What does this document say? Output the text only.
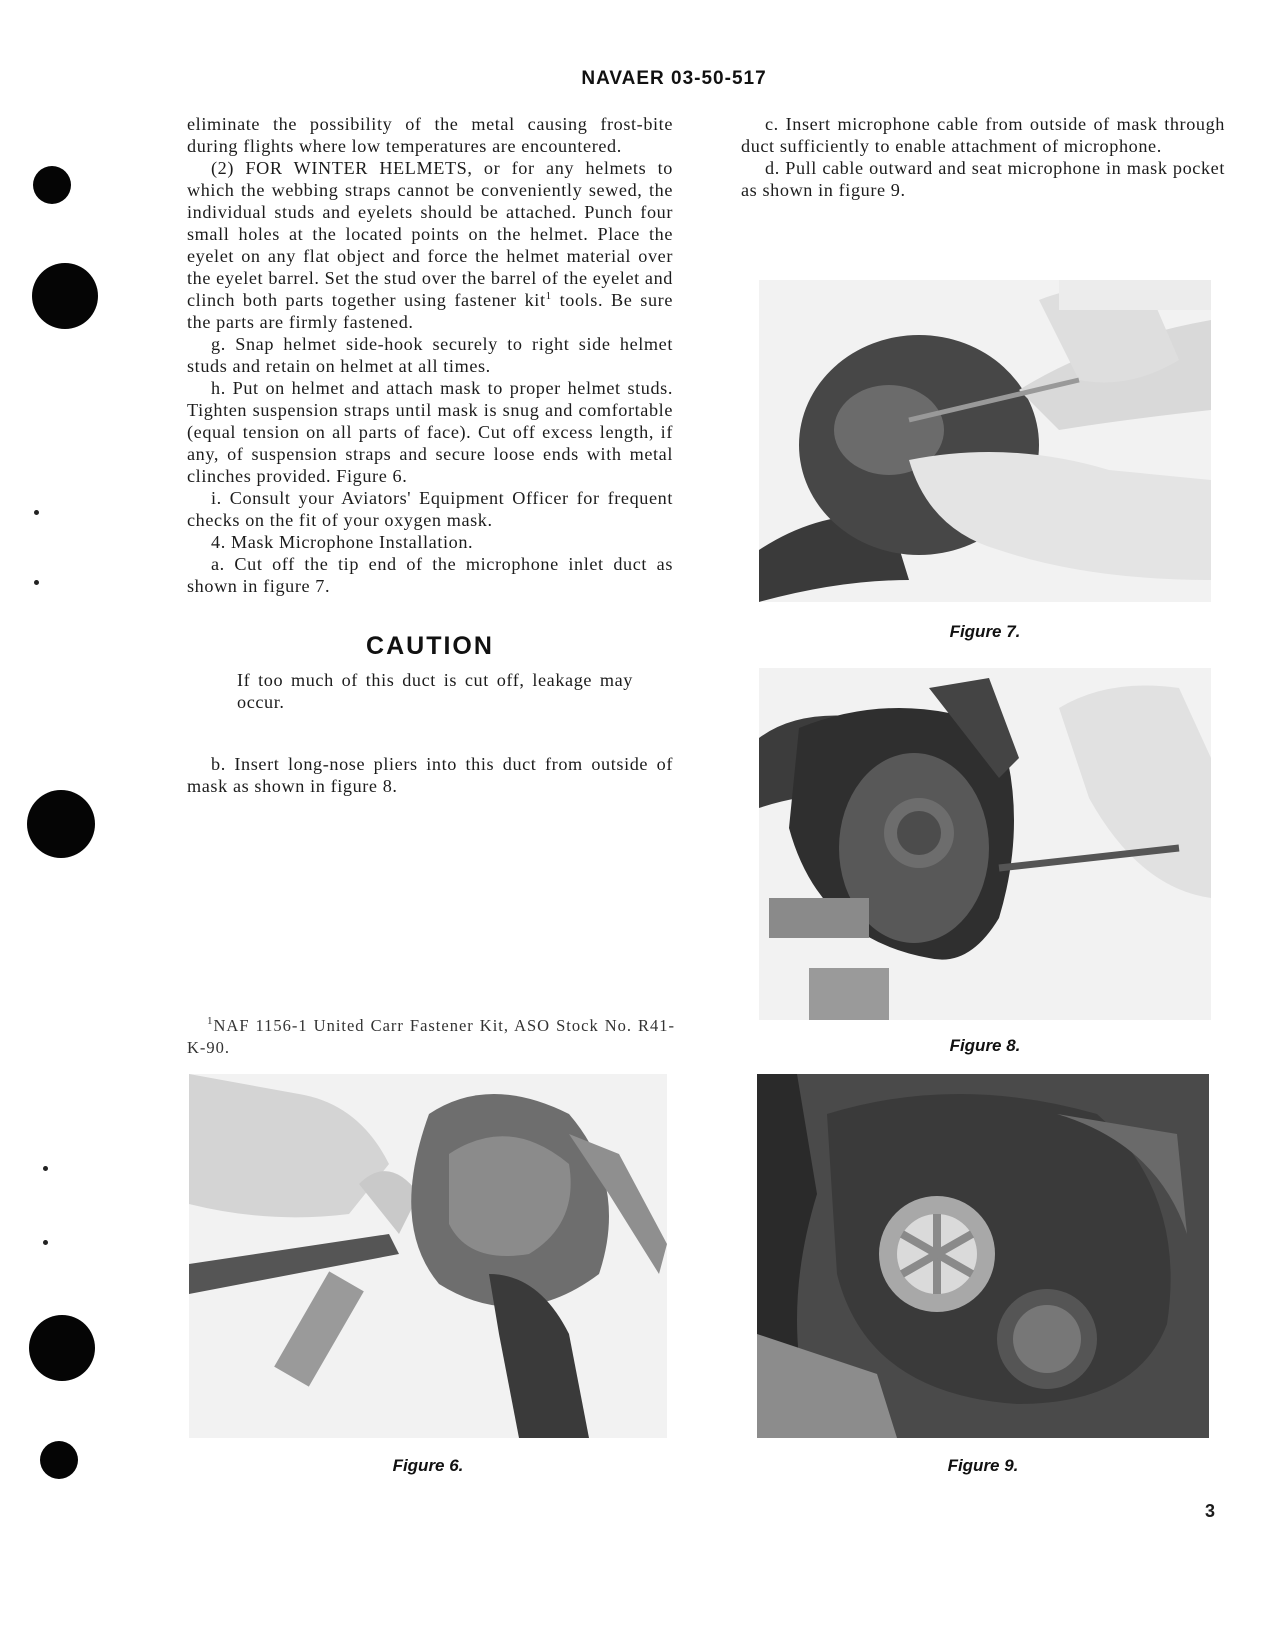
NAVAER 03-50-517

eliminate the possibility of the metal causing frost-bite during flights where low temperatures are encountered.

(2) FOR WINTER HELMETS, or for any helmets to which the webbing straps cannot be conveniently sewed, the individual studs and eyelets should be attached. Punch four small holes at the located points on the helmet. Place the eyelet on any flat object and force the helmet material over the eyelet barrel. Set the stud over the barrel of the eyelet and clinch both parts together using fastener kit$^1$ tools. Be sure the parts are firmly fastened.

g. Snap helmet side-hook securely to right side helmet studs and retain on helmet at all times.

h. Put on helmet and attach mask to proper helmet studs. Tighten suspension straps until mask is snug and comfortable (equal tension on all parts of face). Cut off excess length, if any, of suspension straps and secure loose ends with metal clinches provided. Figure 6.

i. Consult your Aviators' Equipment Officer for frequent checks on the fit of your oxygen mask.

4. Mask Microphone Installation.

a. Cut off the tip end of the microphone inlet duct as shown in figure 7.

CAUTION

If too much of this duct is cut off, leakage may occur.

b. Insert long-nose pliers into this duct from outside of mask as shown in figure 8.

$^1$NAF 1156-1 United Carr Fastener Kit, ASO Stock No. R41-K-90.

c. Insert microphone cable from outside of mask through duct sufficiently to enable attachment of microphone.

d. Pull cable outward and seat microphone in mask pocket as shown in figure 9.

Figure 7.
Figure 8.
Figure 6.	Figure 9.
3
